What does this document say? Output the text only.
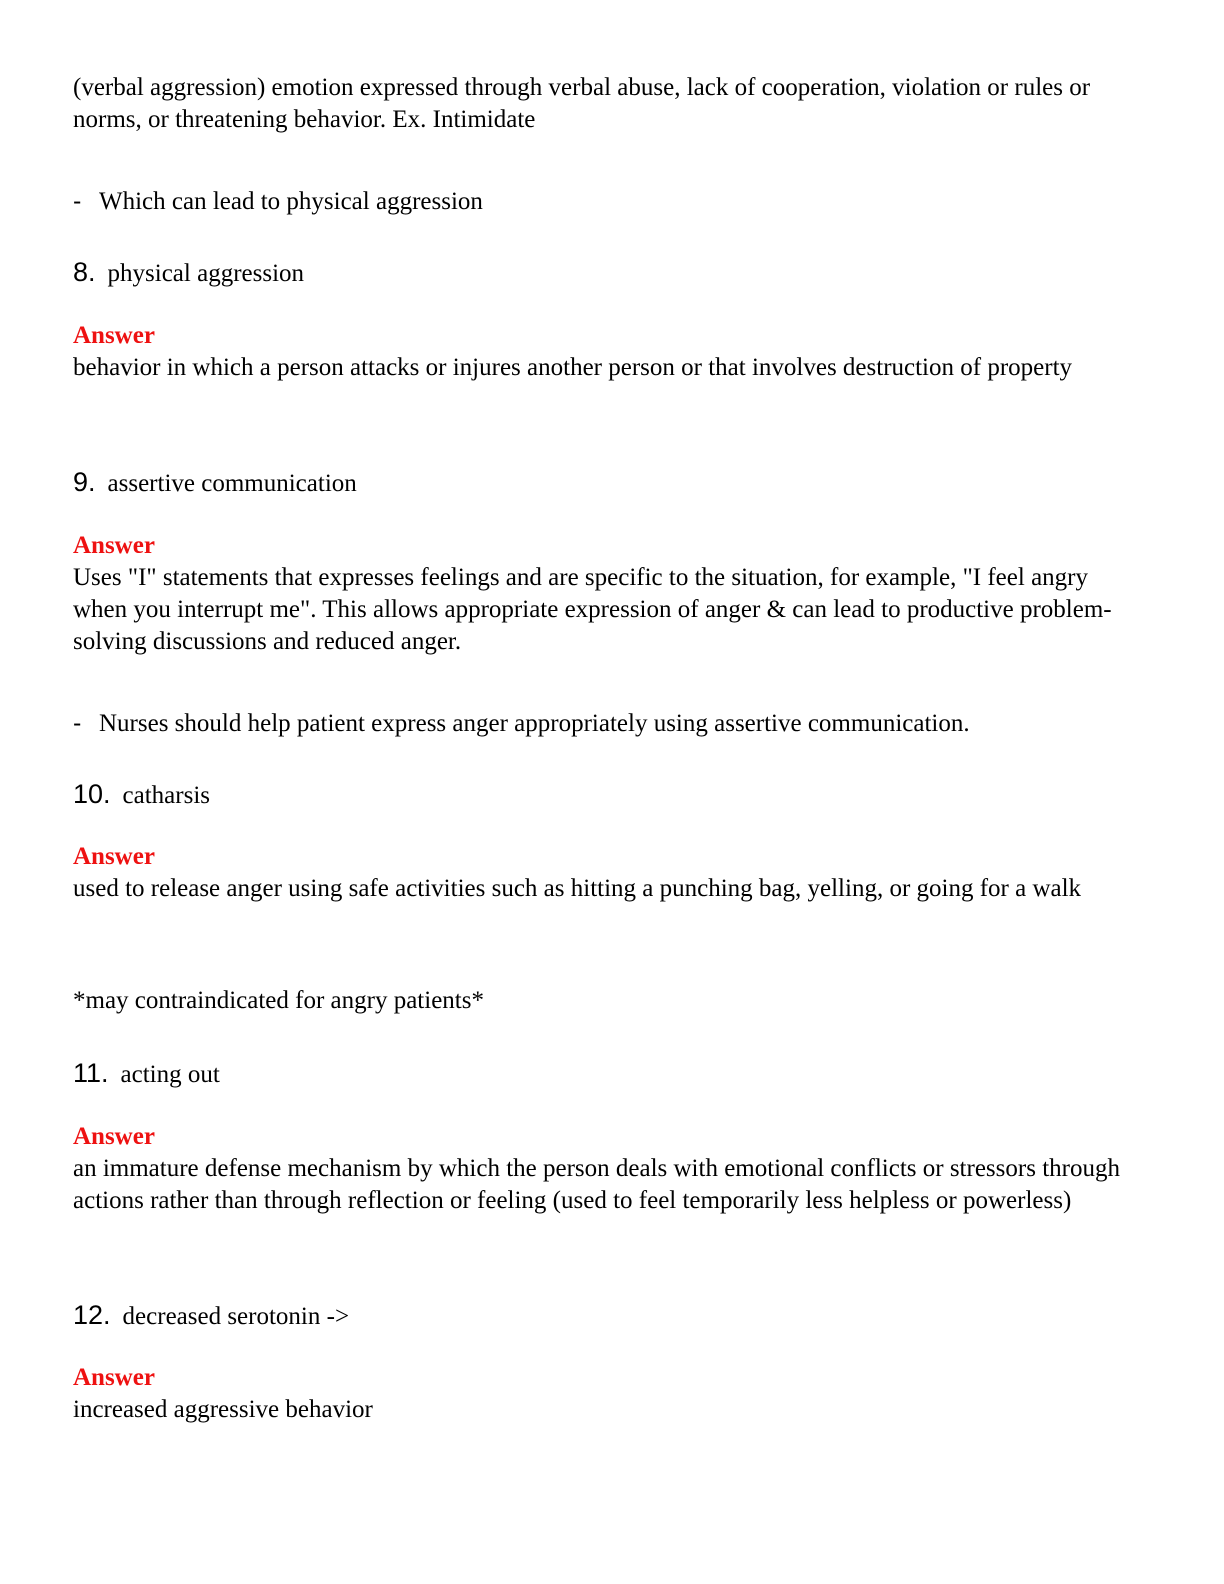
(verbal aggression) emotion expressed through verbal abuse, lack of cooperation, violation or rules or norms, or threatening behavior. Ex. Intimidate

- Which can lead to physical aggression

8. physical aggression

Answer
behavior in which a person attacks or injures another person or that involves destruction of property

9. assertive communication

Answer
Uses "I" statements that expresses feelings and are specific to the situation, for example, "I feel angry when you interrupt me". This allows appropriate expression of anger & can lead to productive problem-solving discussions and reduced anger.

- Nurses should help patient express anger appropriately using assertive communication.

10. catharsis

Answer
used to release anger using safe activities such as hitting a punching bag, yelling, or going for a walk

*may contraindicated for angry patients*

11. acting out

Answer
an immature defense mechanism by which the person deals with emotional conflicts or stressors through actions rather than through reflection or feeling (used to feel temporarily less helpless or powerless)

12. decreased serotonin ->

Answer
increased aggressive behavior
